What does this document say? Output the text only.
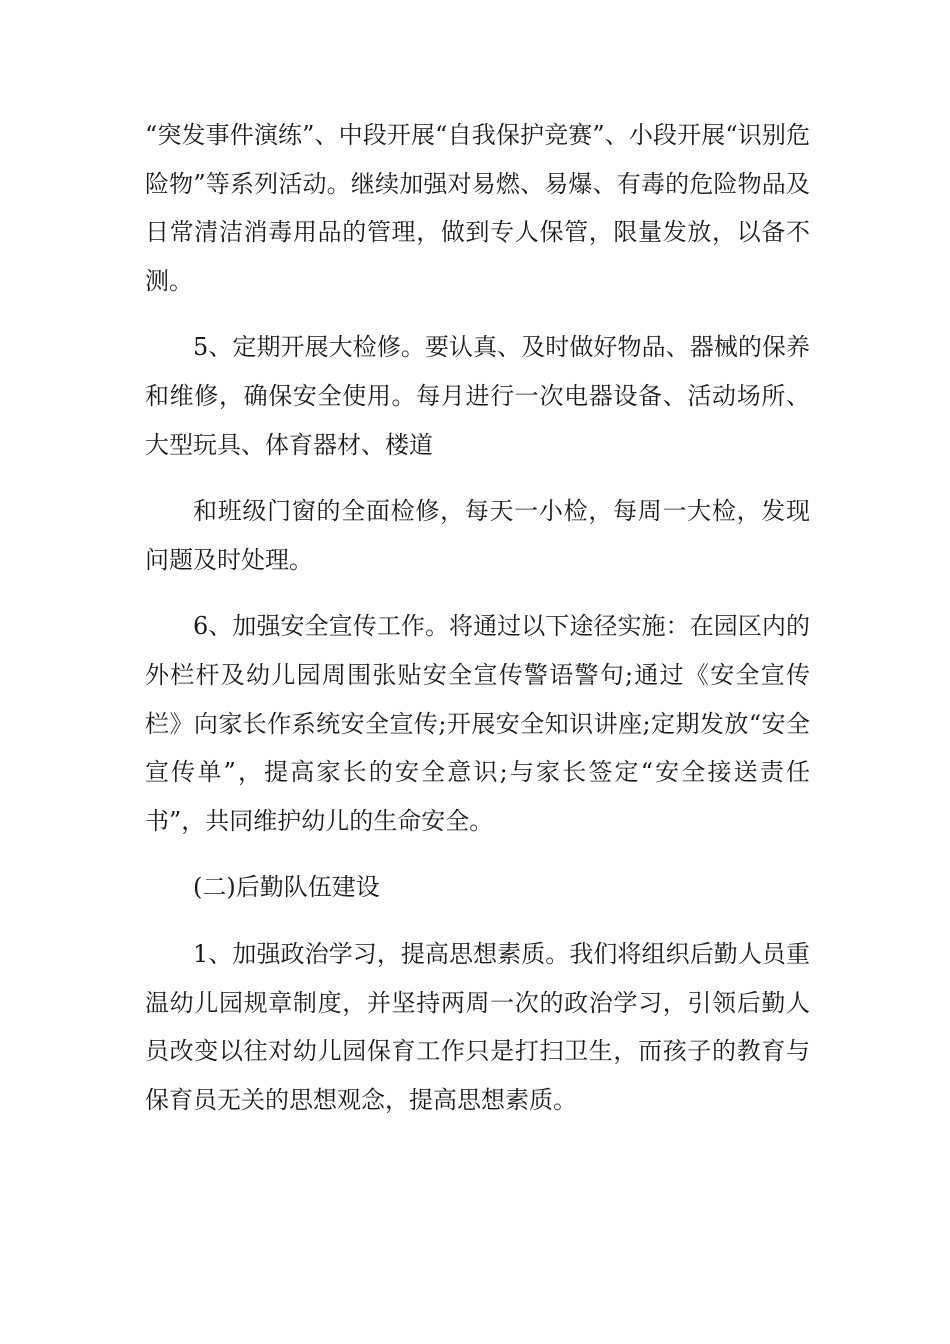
“突发事件演练”、中段开展“自我保护竞赛”、小段开展“识别危险物”等系列活动。继续加强对易燃、易爆、有毒的危险物品及日常清洁消毒用品的管理，做到专人保管，限量发放，以备不测。

5、定期开展大检修。要认真、及时做好物品、器械的保养和维修，确保安全使用。每月进行一次电器设备、活动场所、大型玩具、体育器材、楼道

和班级门窗的全面检修，每天一小检，每周一大检，发现问题及时处理。

6、加强安全宣传工作。将通过以下途径实施：在园区内的外栏杆及幼儿园周围张贴安全宣传警语警句;通过《安全宣传栏》向家长作系统安全宣传;开展安全知识讲座;定期发放“安全宣传单”，提高家长的安全意识;与家长签定“安全接送责任书”，共同维护幼儿的生命安全。

(二)后勤队伍建设

1、加强政治学习，提高思想素质。我们将组织后勤人员重温幼儿园规章制度，并坚持两周一次的政治学习，引领后勤人员改变以往对幼儿园保育工作只是打扫卫生，而孩子的教育与保育员无关的思想观念，提高思想素质。
